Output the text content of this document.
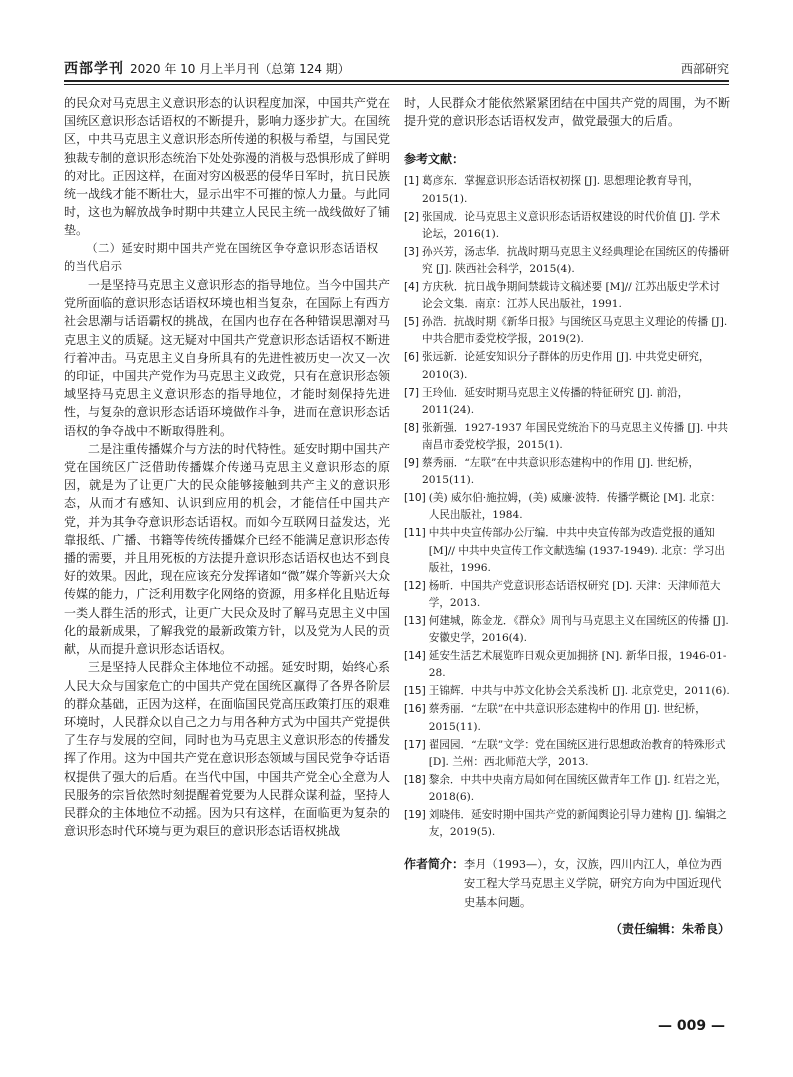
西部学刊 2020 年 10 月上半月刊（总第 124 期）	西部研究

的民众对马克思主义意识形态的认识程度加深，中国共产党在国统区意识形态话语权的不断提升，影响力逐步扩大。在国统区，中共马克思主义意识形态所传递的积极与希望，与国民党独裁专制的意识形态统治下处处弥漫的消极与恐惧形成了鲜明的对比。正因这样，在面对穷凶极恶的侵华日军时，抗日民族统一战线才能不断壮大，显示出牢不可摧的惊人力量。与此同时，这也为解放战争时期中共建立人民民主统一战线做好了铺垫。

（二）延安时期中国共产党在国统区争夺意识形态话语权的当代启示

一是坚持马克思主义意识形态的指导地位。当今中国共产党所面临的意识形态话语权环境也相当复杂，在国际上有西方社会思潮与话语霸权的挑战，在国内也存在各种错误思潮对马克思主义的质疑。这无疑对中国共产党意识形态话语权不断进行着冲击。马克思主义自身所具有的先进性被历史一次又一次的印证，中国共产党作为马克思主义政党，只有在意识形态领域坚持马克思主义意识形态的指导地位，才能时刻保持先进性，与复杂的意识形态话语环境做作斗争，进而在意识形态话语权的争夺战中不断取得胜利。

二是注重传播媒介与方法的时代特性。延安时期中国共产党在国统区广泛借助传播媒介传递马克思主义意识形态的原因，就是为了让更广大的民众能够接触到共产主义的意识形态，从而才有感知、认识到应用的机会，才能信任中国共产党，并为其争夺意识形态话语权。而如今互联网日益发达，光靠报纸、广播、书籍等传统传播媒介已经不能满足意识形态传播的需要，并且用死板的方法提升意识形态话语权也达不到良好的效果。因此，现在应该充分发挥诸如“微”媒介等新兴大众传媒的能力，广泛利用数字化网络的资源，用多样化且贴近每一类人群生活的形式，让更广大民众及时了解马克思主义中国化的最新成果，了解我党的最新政策方针，以及党为人民的贡献，从而提升意识形态话语权。

三是坚持人民群众主体地位不动摇。延安时期，始终心系人民大众与国家危亡的中国共产党在国统区赢得了各界各阶层的群众基础，正因为这样，在面临国民党高压政策打压的艰难环境时，人民群众以自己之力与用各种方式为中国共产党提供了生存与发展的空间，同时也为马克思主义意识形态的传播发挥了作用。这为中国共产党在意识形态领域与国民党争夺话语权提供了强大的后盾。在当代中国，中国共产党全心全意为人民服务的宗旨依然时刻提醒着党要为人民群众谋利益，坚持人民群众的主体地位不动摇。因为只有这样，在面临更为复杂的意识形态时代环境与更为艰巨的意识形态话语权挑战

时，人民群众才能依然紧紧团结在中国共产党的周围，为不断提升党的意识形态话语权发声，做党最强大的后盾。

参考文献：
[1] 葛彦东．掌握意识形态话语权初探 [J]. 思想理论教育导刊，2015(1).
[2] 张国成．论马克思主义意识形态话语权建设的时代价值 [J]. 学术论坛，2016(1).
[3] 孙兴芳，汤志华．抗战时期马克思主义经典理论在国统区的传播研究 [J]. 陕西社会科学，2015(4).
[4] 方庆秋．抗日战争期间禁载诗文稿述要 [M]// 江苏出版史学术讨论会文集．南京：江苏人民出版社，1991.
[5] 孙浩．抗战时期《新华日报》与国统区马克思主义理论的传播 [J]. 中共合肥市委党校学报，2019(2).
[6] 张远新．论延安知识分子群体的历史作用 [J]. 中共党史研究，2010(3).
[7] 王玲仙．延安时期马克思主义传播的特征研究 [J]. 前沿，2011(24).
[8] 张新强．1927-1937 年国民党统治下的马克思主义传播 [J]. 中共南昌市委党校学报，2015(1).
[9] 蔡秀丽．“左联”在中共意识形态建构中的作用 [J]. 世纪桥，2015(11).
[10] (美) 威尔伯·施拉姆，(美) 威廉·波特．传播学概论 [M]. 北京：人民出版社，1984.
[11] 中共中央宣传部办公厅编．中共中央宣传部为改造党报的通知 [M]// 中共中央宣传工作文献选编 (1937-1949). 北京：学习出版社，1996.
[12] 杨昕．中国共产党意识形态话语权研究 [D]. 天津：天津师范大学，2013.
[13] 何建城，陈金龙．《群众》周刊与马克思主义在国统区的传播 [J]. 安徽史学，2016(4).
[14] 延安生活艺术展览昨日观众更加拥挤 [N]. 新华日报，1946-01-28.
[15] 王锦辉．中共与中苏文化协会关系浅析 [J]. 北京党史，2011(6).
[16] 蔡秀丽．“左联”在中共意识形态建构中的作用 [J]. 世纪桥，2015(11).
[17] 翟园园．“左联”文学：党在国统区进行思想政治教育的特殊形式 [D]. 兰州：西北师范大学，2013.
[18] 黎余．中共中央南方局如何在国统区做青年工作 [J]. 红岩之光，2018(6).
[19] 刘晓伟．延安时期中国共产党的新闻舆论引导力建构 [J]. 编辑之友，2019(5).
作者简介： 李月（1993—），女，汉族，四川内江人，单位为西安工程大学马克思主义学院，研究方向为中国近现代史基本问题。
（责任编辑：朱希良）
— 009 —
